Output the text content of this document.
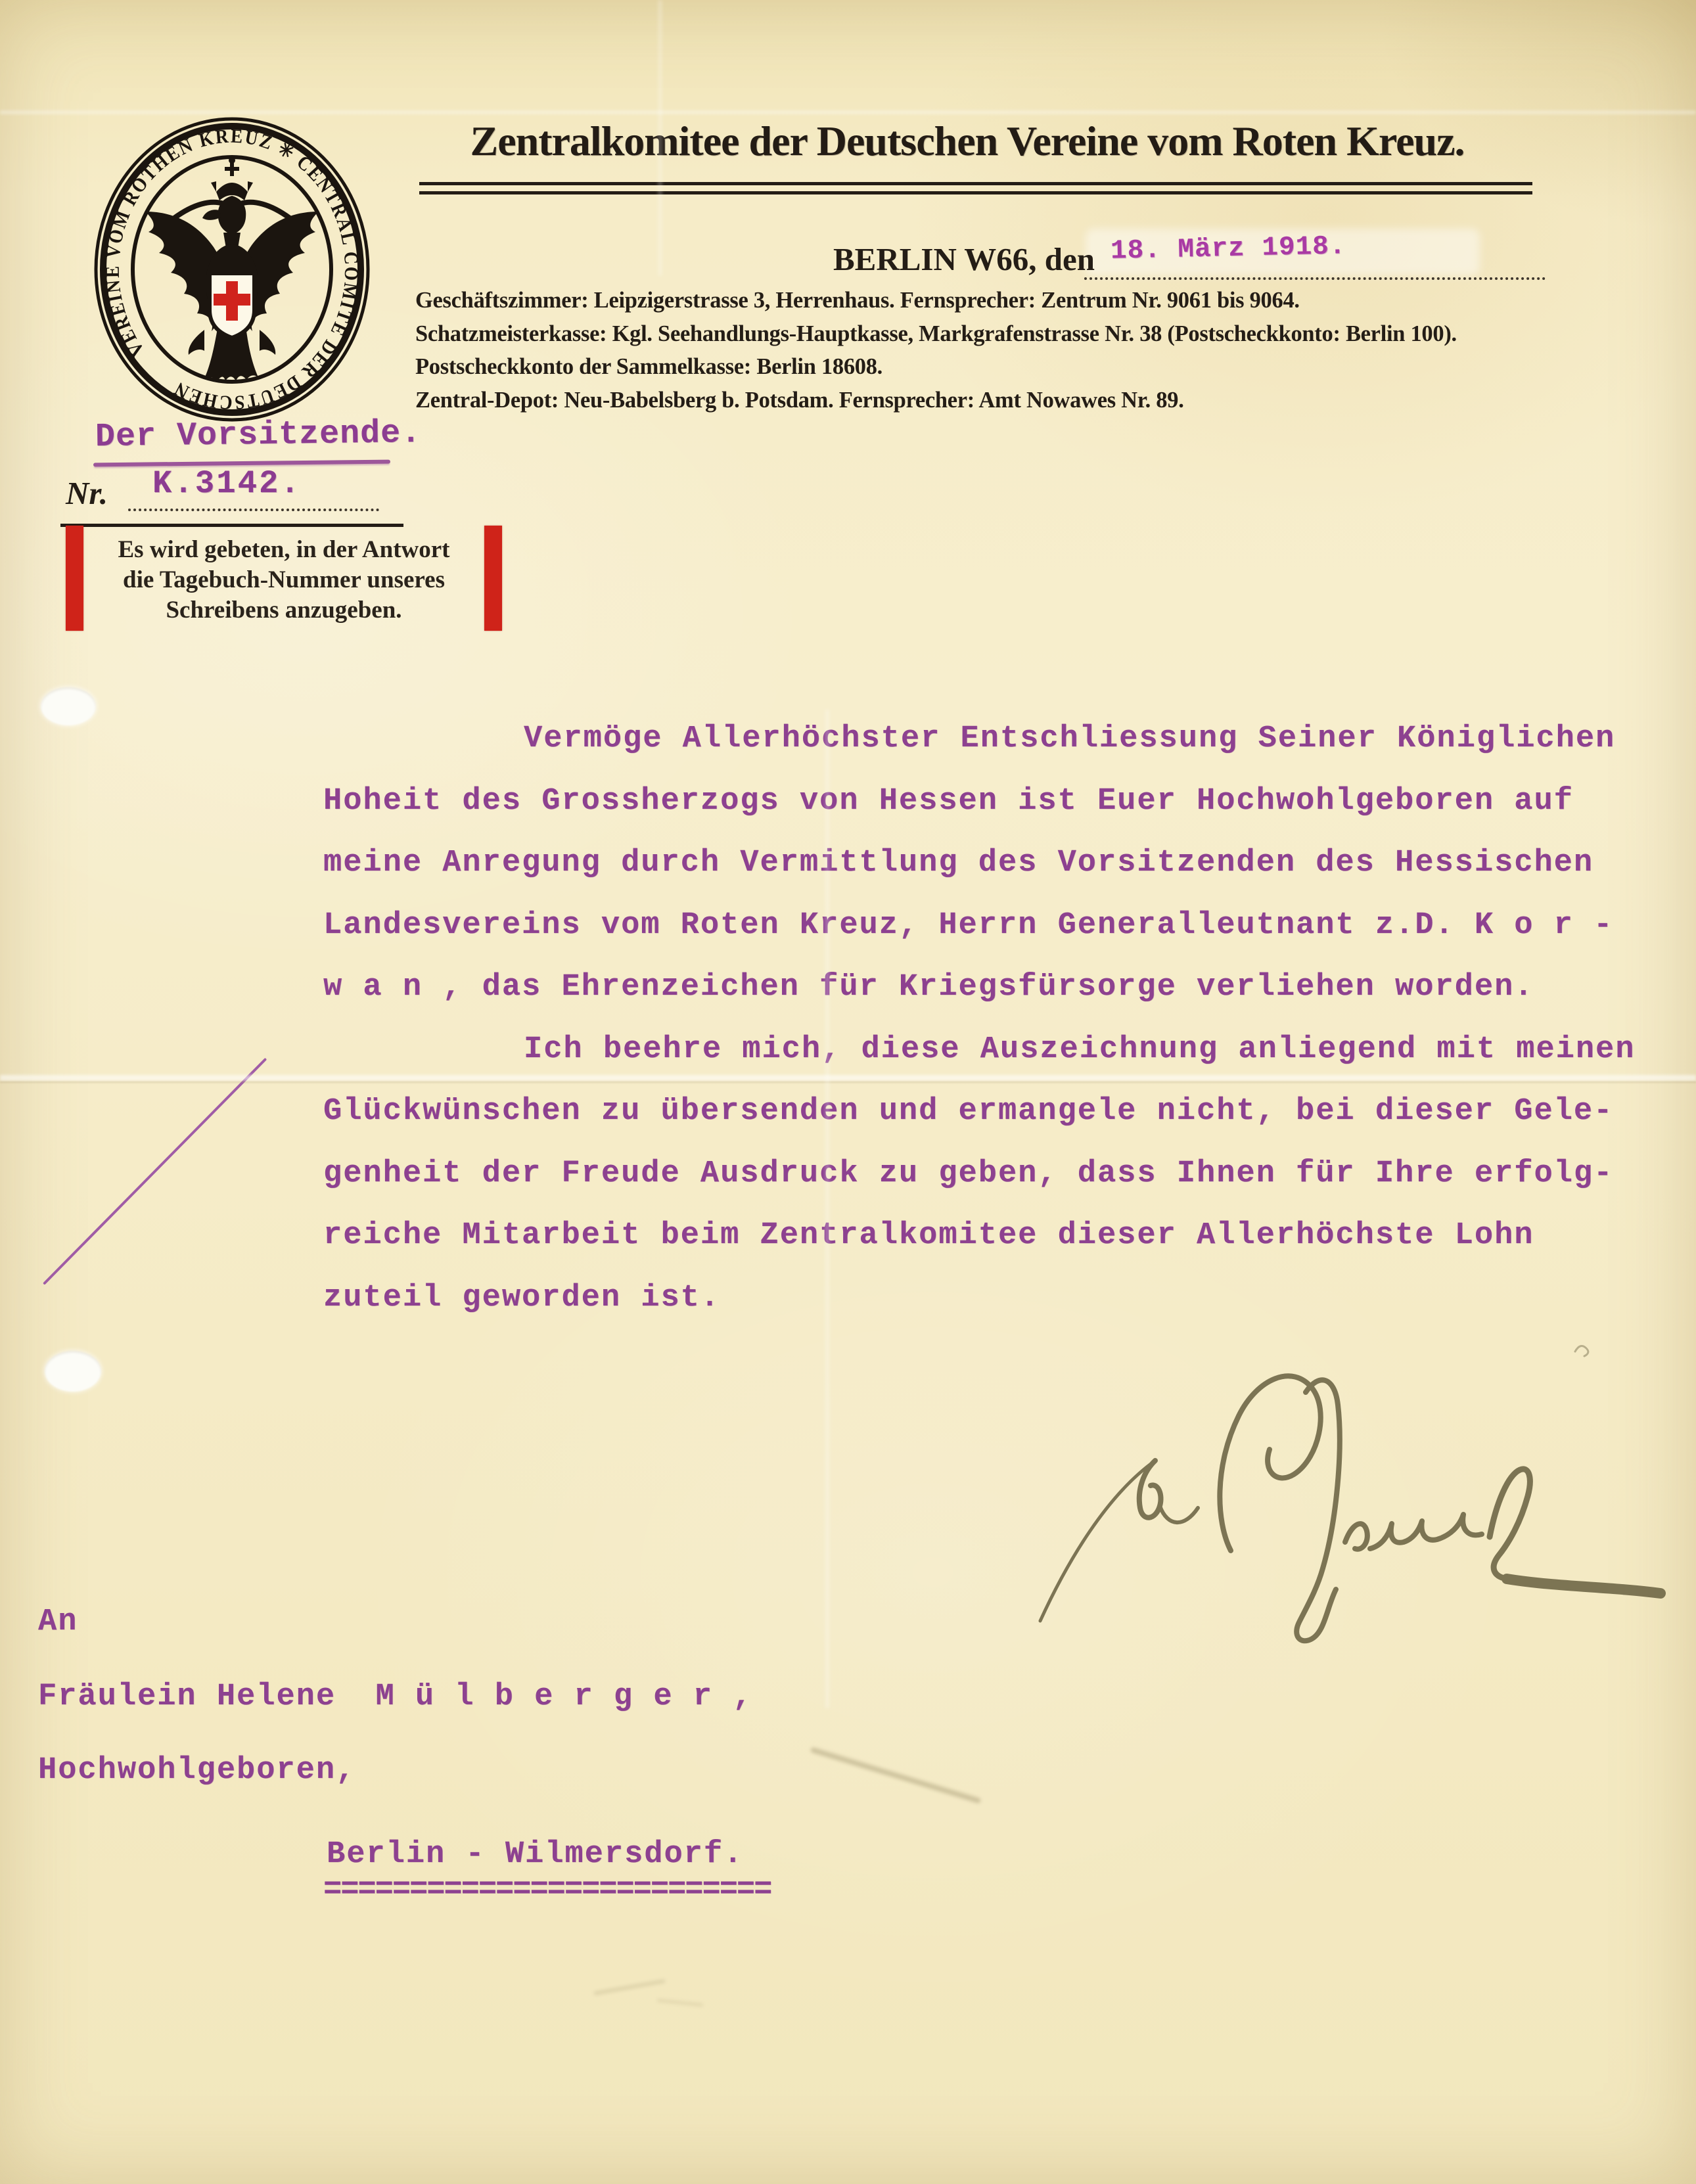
VEREINE VOM ROTHEN KREUZ ✳ CENTRAL COMITE DER DEUTSCHEN
Zentralkomitee der Deutschen Vereine vom Roten Kreuz.
BERLIN W66, den 18. März 1918.
Geschäftszimmer: Leipzigerstrasse 3, Herrenhaus. Fernsprecher: Zentrum Nr. 9061 bis 9064.
Schatzmeisterkasse: Kgl. Seehandlungs-Hauptkasse, Markgrafenstrasse Nr. 38 (Postscheckkonto: Berlin 100).
Postscheckkonto der Sammelkasse: Berlin 18608.
Zentral-Depot: Neu-Babelsberg b. Potsdam. Fernsprecher: Amt Nowawes Nr. 89.
Der Vorsitzende.
Nr. K.3142.
Es wird gebeten, in der Antwort
die Tagebuch-Nummer unseres
Schreibens anzugeben.
Vermöge Allerhöchster Entschliessung Seiner Königlichen
Hoheit des Grossherzogs von Hessen ist Euer Hochwohlgeboren auf
meine Anregung durch Vermittlung des Vorsitzenden des Hessischen
Landesvereins vom Roten Kreuz, Herrn Generalleutnant z.D. K o r -
w a n , das Ehrenzeichen für Kriegsfürsorge verliehen worden.
Ich beehre mich, diese Auszeichnung anliegend mit meinen
Glückwünschen zu übersenden und ermangele nicht, bei dieser Gele-
genheit der Freude Ausdruck zu geben, dass Ihnen für Ihre erfolg-
reiche Mitarbeit beim Zentralkomitee dieser Allerhöchste Lohn
zuteil geworden ist.
An
Fräulein Helene  M ü l b e r g e r ,
Hochwohlgeboren,
Berlin - Wilmersdorf.
==========================
